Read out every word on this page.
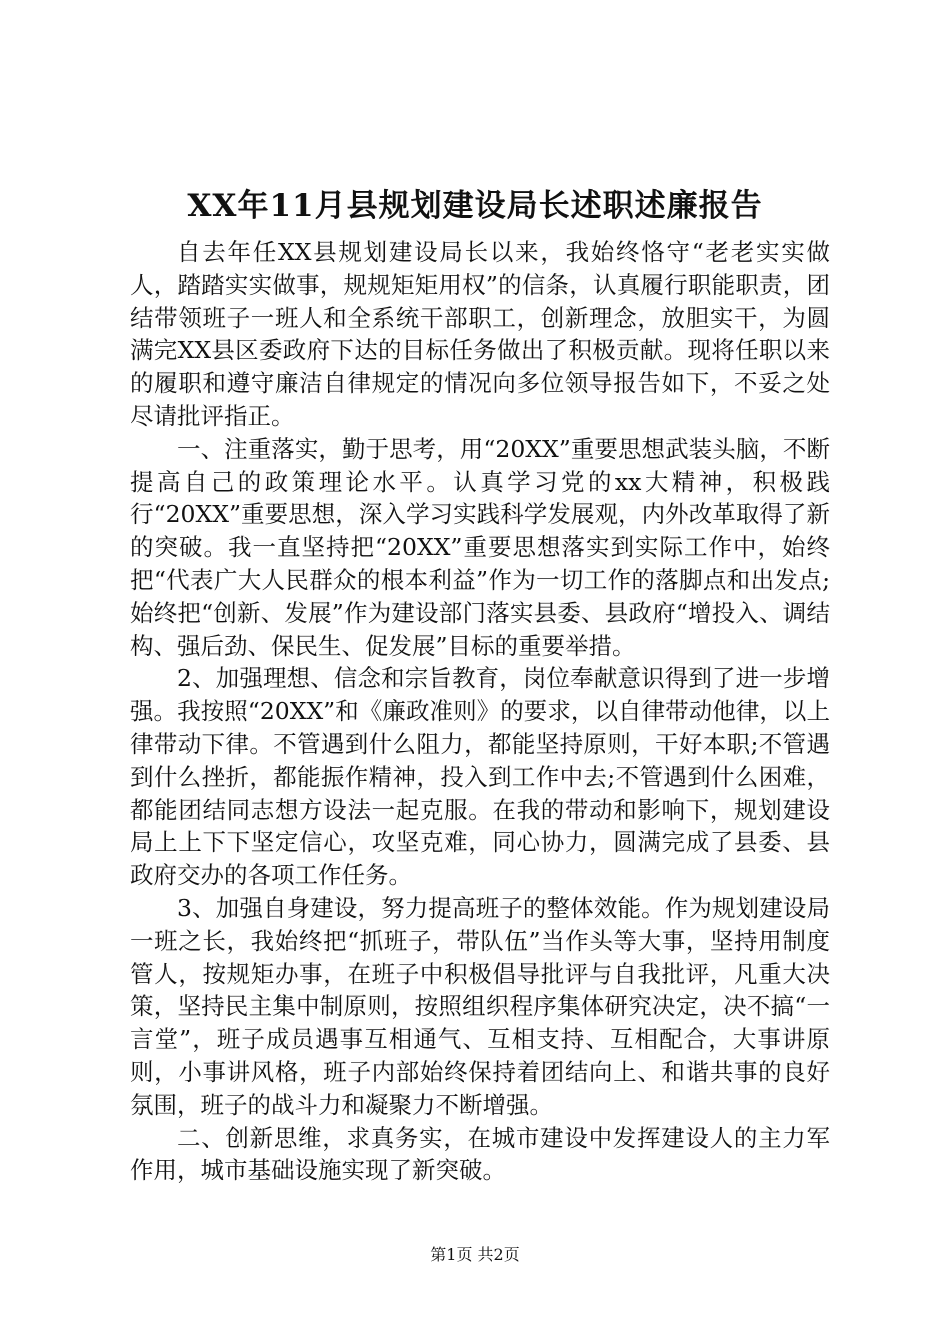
XX年11月县规划建设局长述职述廉报告

自去年任XX县规划建设局长以来，我始终恪守“老老实实做人，踏踏实实做事，规规矩矩用权”的信条，认真履行职能职责，团结带领班子一班人和全系统干部职工，创新理念，放胆实干，为圆满完XX县区委政府下达的目标任务做出了积极贡献。现将任职以来的履职和遵守廉洁自律规定的情况向多位领导报告如下，不妥之处尽请批评指正。

一、注重落实，勤于思考，用“20XX”重要思想武装头脑，不断提高自己的政策理论水平。认真学习党的xx大精神，积极践行“20XX”重要思想，深入学习实践科学发展观，内外改革取得了新的突破。我一直坚持把“20XX”重要思想落实到实际工作中，始终把“代表广大人民群众的根本利益”作为一切工作的落脚点和出发点;始终把“创新、发展”作为建设部门落实县委、县政府“增投入、调结构、强后劲、保民生、促发展”目标的重要举措。

2、加强理想、信念和宗旨教育，岗位奉献意识得到了进一步增强。我按照“20XX”和《廉政准则》的要求，以自律带动他律，以上律带动下律。不管遇到什么阻力，都能坚持原则，干好本职;不管遇到什么挫折，都能振作精神，投入到工作中去;不管遇到什么困难，都能团结同志想方设法一起克服。在我的带动和影响下，规划建设局上上下下坚定信心，攻坚克难，同心协力，圆满完成了县委、县政府交办的各项工作任务。

3、加强自身建设，努力提高班子的整体效能。作为规划建设局一班之长，我始终把“抓班子，带队伍”当作头等大事，坚持用制度管人，按规矩办事，在班子中积极倡导批评与自我批评，凡重大决策，坚持民主集中制原则，按照组织程序集体研究决定，决不搞“一言堂”，班子成员遇事互相通气、互相支持、互相配合，大事讲原则，小事讲风格，班子内部始终保持着团结向上、和谐共事的良好氛围，班子的战斗力和凝聚力不断增强。

二、创新思维，求真务实，在城市建设中发挥建设人的主力军作用，城市基础设施实现了新突破。

第1页 共2页
